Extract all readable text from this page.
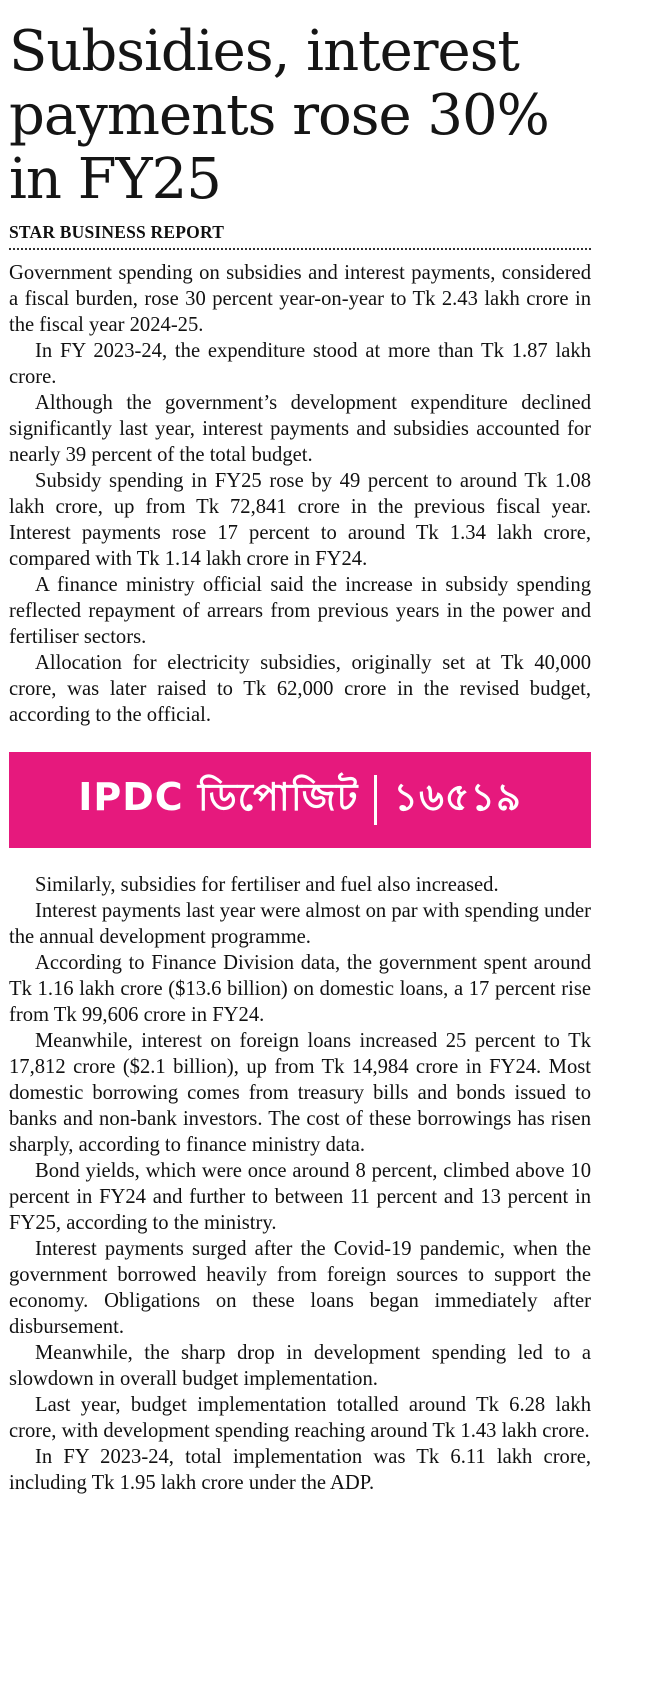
Subsidies, interest payments rose 30% in FY25
STAR BUSINESS REPORT

Government spending on subsidies and interest payments, considered a fiscal burden, rose 30 percent year-on-year to Tk 2.43 lakh crore in the fiscal year 2024-25.

In FY 2023-24, the expenditure stood at more than Tk 1.87 lakh crore.

Although the government’s development expenditure declined significantly last year, interest payments and subsidies accounted for nearly 39 percent of the total budget.

Subsidy spending in FY25 rose by 49 percent to around Tk 1.08 lakh crore, up from Tk 72,841 crore in the previous fiscal year. Interest payments rose 17 percent to around Tk 1.34 lakh crore, compared with Tk 1.14 lakh crore in FY24.

A finance ministry official said the increase in subsidy spending reflected repayment of arrears from previous years in the power and fertiliser sectors.

Allocation for electricity subsidies, originally set at Tk 40,000 crore, was later raised to Tk 62,000 crore in the revised budget, according to the official.

IPDC ডিপোজিট ১৬৫১৯

Similarly, subsidies for fertiliser and fuel also increased.

Interest payments last year were almost on par with spending under the annual development programme.

According to Finance Division data, the government spent around Tk 1.16 lakh crore ($13.6 billion) on domestic loans, a 17 percent rise from Tk 99,606 crore in FY24.

Meanwhile, interest on foreign loans increased 25 percent to Tk 17,812 crore ($2.1 billion), up from Tk 14,984 crore in FY24. Most domestic borrowing comes from treasury bills and bonds issued to banks and non-bank investors. The cost of these borrowings has risen sharply, according to finance ministry data.

Bond yields, which were once around 8 percent, climbed above 10 percent in FY24 and further to between 11 percent and 13 percent in FY25, according to the ministry.

Interest payments surged after the Covid-19 pandemic, when the government borrowed heavily from foreign sources to support the economy. Obligations on these loans began immediately after disbursement.

Meanwhile, the sharp drop in development spending led to a slowdown in overall budget implementation.

Last year, budget implementation totalled around Tk 6.28 lakh crore, with development spending reaching around Tk 1.43 lakh crore.

In FY 2023-24, total implementation was Tk 6.11 lakh crore, including Tk 1.95 lakh crore under the ADP.
